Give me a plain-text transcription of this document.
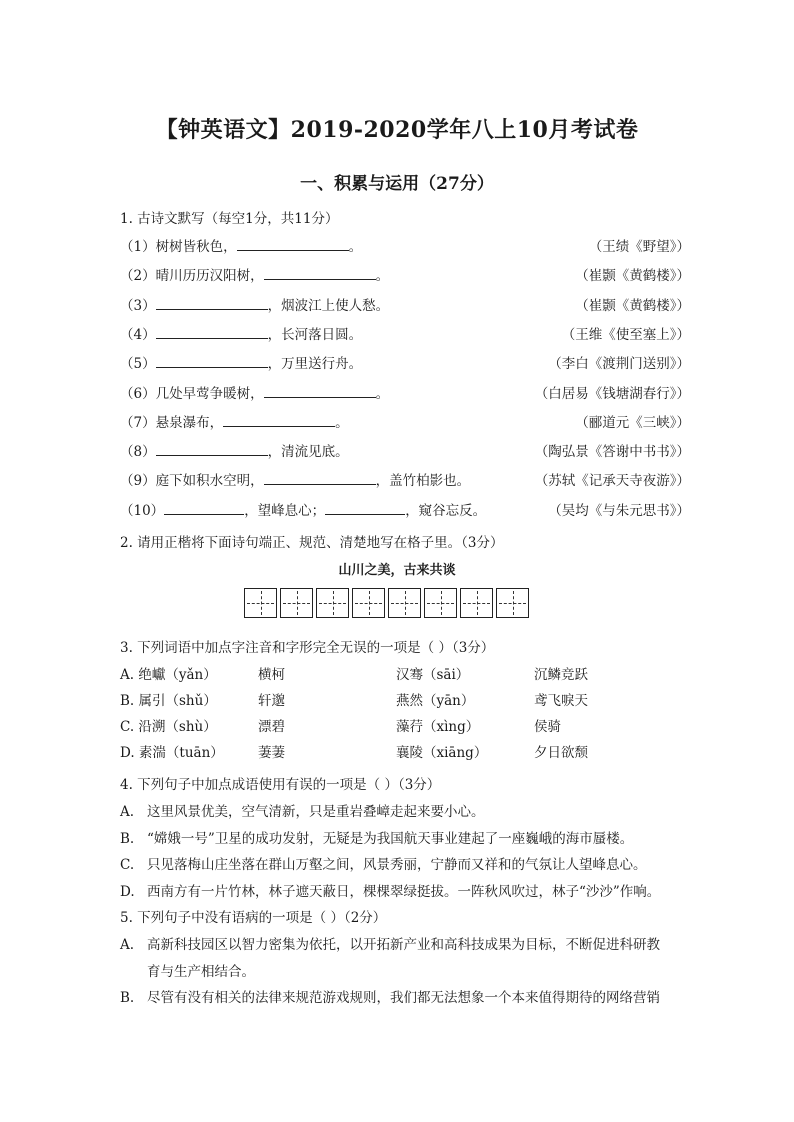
【钟英语文】2019-2020学年八上10月考试卷
一、积累与运用（27分）
1. 古诗文默写（每空1分，共11分）
（1）树树皆秋色，	。	（王绩《野望》）
（2）晴川历历汉阳树，	。	（崔颢《黄鹤楼》）
（3）	，烟波江上使人愁。	（崔颢《黄鹤楼》）
（4）	，长河落日圆。	（王维《使至塞上》）
（5）	，万里送行舟。	（李白《渡荆门送别》）
（6）几处早莺争暖树，	。	（白居易《钱塘湖春行》）
（7）悬泉瀑布，	。	（郦道元《三峡》）
（8）	，清流见底。	（陶弘景《答谢中书书》）
（9）庭下如积水空明，	，盖竹柏影也。	（苏轼《记承天寺夜游》）
（10）	，望峰息心；	，窥谷忘反。	（吴均《与朱元思书》）
2. 请用正楷将下面诗句端正、规范、清楚地写在格子里。（3分）
山川之美，古来共谈
3. 下列词语中加点字注音和字形完全无误的一项是（ ）（3分）
A. 绝巘（yǎn）	横柯	汉骞（sāi）	沉鳞竞跃
B. 属引（shǔ）	轩邈	燕然（yān）	鸢飞唳天
C. 沿溯（shù）	漂碧	藻荇（xìng）	侯骑
D. 素湍（tuān）	萋萋	襄陵（xiāng）	夕日欲颓
4. 下列句子中加点成语使用有误的一项是（ ）（3分）
A. 这里风景优美，空气清新，只是重岩叠嶂走起来要小心。
B. “嫦娥一号”卫星的成功发射，无疑是为我国航天事业建起了一座巍峨的海市蜃楼。
C. 只见落梅山庄坐落在群山万壑之间，风景秀丽，宁静而又祥和的气氛让人望峰息心。
D. 西南方有一片竹林，林子遮天蔽日，棵棵翠绿挺拔。一阵秋风吹过，林子“沙沙”作响。
5. 下列句子中没有语病的一项是（ ）（2分）
A. 高新科技园区以智力密集为依托，以开拓新产业和高科技成果为目标，不断促进科研教
育与生产相结合。
B. 尽管有没有相关的法律来规范游戏规则，我们都无法想象一个本来值得期待的网络营销
